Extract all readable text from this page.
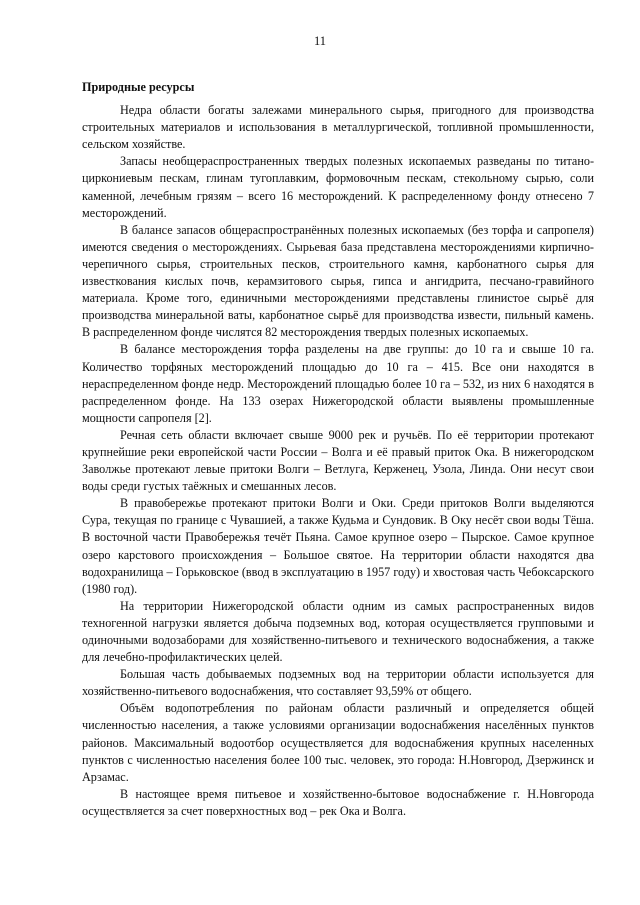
11

Природные ресурсы

Недра области богаты залежами минерального сырья, пригодного для производства строительных материалов и использования в металлургической, топливной промышленности, сельском хозяйстве.

Запасы необщераспространенных твердых полезных ископаемых разведаны по титано-циркониевым пескам, глинам тугоплавким, формовочным пескам, стекольному сырью, соли каменной, лечебным грязям – всего 16 месторождений. К распределенному фонду отнесено 7 месторождений.

В балансе запасов общераспространённых полезных ископаемых (без торфа и сапропеля) имеются сведения о месторождениях. Сырьевая база представлена месторождениями кирпично-черепичного сырья, строительных песков, строительного камня, карбонатного сырья для известкования кислых почв, керамзитового сырья, гипса и ангидрита, песчано-гравийного материала. Кроме того, единичными месторождениями представлены глинистое сырьё для производства минеральной ваты, карбонатное сырьё для производства извести, пильный камень. В распределенном фонде числятся 82 месторождения твердых полезных ископаемых.

В балансе месторождения торфа разделены на две группы: до 10 га и свыше 10 га. Количество торфяных месторождений площадью до 10 га – 415. Все они находятся в нераспределенном фонде недр. Месторождений площадью более 10 га – 532, из них 6 находятся в распределенном фонде. На 133 озерах Нижегородской области выявлены промышленные мощности сапропеля [2].

Речная сеть области включает свыше 9000 рек и ручьёв. По её территории протекают крупнейшие реки европейской части России – Волга и её правый приток Ока. В нижегородском Заволжье протекают левые притоки Волги – Ветлуга, Керженец, Узола, Линда. Они несут свои воды среди густых таёжных и смешанных лесов.

В правобережье протекают притоки Волги и Оки. Среди притоков Волги выделяются Сура, текущая по границе с Чувашией, а также Кудьма и Сундовик. В Оку несёт свои воды Тёша. В восточной части Правобережья течёт Пьяна. Самое крупное озеро – Пырское. Самое крупное озеро карстового происхождения – Большое святое. На территории области находятся два водохранилища – Горьковское (ввод в эксплуатацию в 1957 году) и хвостовая часть Чебоксарского (1980 год).

На территории Нижегородской области одним из самых распространенных видов техногенной нагрузки является добыча подземных вод, которая осуществляется групповыми и одиночными водозаборами для хозяйственно-питьевого и технического водоснабжения, а также для лечебно-профилактических целей.

Большая часть добываемых подземных вод на территории области используется для хозяйственно-питьевого водоснабжения, что составляет 93,59% от общего.

Объём водопотребления по районам области различный и определяется общей численностью населения, а также условиями организации водоснабжения населённых пунктов районов. Максимальный водоотбор осуществляется для водоснабжения крупных населенных пунктов с численностью населения более 100 тыс. человек, это города: Н.Новгород, Дзержинск и Арзамас.

В настоящее время питьевое и хозяйственно-бытовое водоснабжение г. Н.Новгорода осуществляется за счет поверхностных вод – рек Ока и Волга.
